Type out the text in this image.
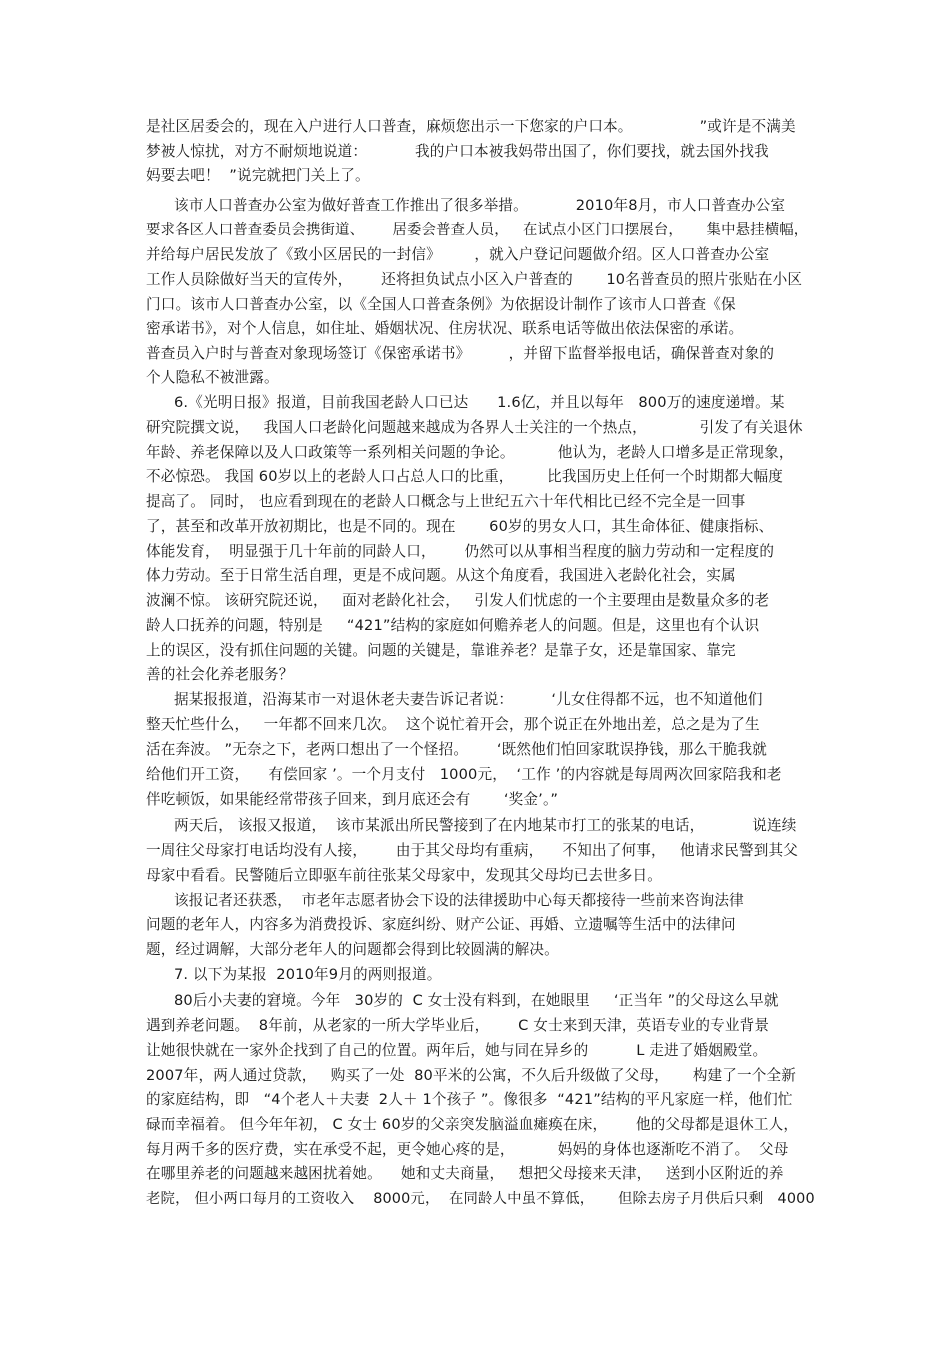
是社区居委会的，现在入户进行人口普查，麻烦您出示一下您家的户口本。              ”或许是不满美
梦被人惊扰，对方不耐烦地说道：          我的户口本被我妈带出国了，你们要找，就去国外找我
妈要去吧！  ”说完就把门关上了。
该市人口普查办公室为做好普查工作推出了很多举措。          2010年8月，市人口普查办公室
要求各区人口普查委员会携街道、      居委会普查人员，   在试点小区门口摆展台，     集中悬挂横幅，
并给每户居民发放了《致小区居民的一封信》       ，就入户登记问题做介绍。区人口普查办公室
工作人员除做好当天的宣传外，      还将担负试点小区入户普查的       10名普查员的照片张贴在小区
门口。该市人口普查办公室，以《全国人口普查条例》为依据设计制作了该市人口普查《保
密承诺书》，对个人信息，如住址、婚姻状况、住房状况、联系电话等做出依法保密的承诺。
普查员入户时与普查对象现场签订《保密承诺书》        ，并留下监督举报电话，确保普查对象的
个人隐私不被泄露。
6.《光明日报》报道，目前我国老龄人口已达      1.6亿，并且以每年   800万的速度递增。某
研究院撰文说，   我国人口老龄化问题越来越成为各界人士关注的一个热点，           引发了有关退休
年龄、养老保障以及人口政策等一系列相关问题的争论。         他认为，老龄人口增多是正常现象，
不必惊恐。 我国 60岁以上的老龄人口占总人口的比重，       比我国历史上任何一个时期都大幅度
提高了。 同时， 也应看到现在的老龄人口概念与上世纪五六十年代相比已经不完全是一回事
了，甚至和改革开放初期比，也是不同的。现在       60岁的男女人口，其生命体征、健康指标、
体能发育，  明显强于几十年前的同龄人口，      仍然可以从事相当程度的脑力劳动和一定程度的
体力劳动。至于日常生活自理，更是不成问题。从这个角度看，我国进入老龄化社会，实属
波澜不惊。 该研究院还说，   面对老龄化社会，   引发人们忧虑的一个主要理由是数量众多的老
龄人口抚养的问题，特别是     “421”结构的家庭如何赡养老人的问题。但是，这里也有个认识
上的误区，没有抓住问题的关键。问题的关键是，靠谁养老？是靠子女，还是靠国家、靠完
善的社会化养老服务？
据某报报道，沿海某市一对退休老夫妻告诉记者说：        ‘儿女住得都不远，也不知道他们
整天忙些什么，   一年都不回来几次。  这个说忙着开会，那个说正在外地出差，总之是为了生
活在奔波。 ”无奈之下，老两口想出了一个怪招。      ‘既然他们怕回家耽误挣钱，那么干脆我就
给他们开工资，    有偿回家 ’。一个月支付   1000元，  ‘工作 ’的内容就是每周两次回家陪我和老
伴吃顿饭，如果能经常带孩子回来，到月底还会有       ‘奖金’。”
两天后， 该报又报道，  该市某派出所民警接到了在内地某市打工的张某的电话，          说连续
一周往父母家打电话均没有人接，      由于其父母均有重病，    不知出了何事，   他请求民警到其父
母家中看看。民警随后立即驱车前往张某父母家中，发现其父母均已去世多日。
该报记者还获悉，  市老年志愿者协会下设的法律援助中心每天都接待一些前来咨询法律
问题的老年人，内容多为消费投诉、家庭纠纷、财产公证、再婚、立遗嘱等生活中的法律问
题，经过调解，大部分老年人的问题都会得到比较圆满的解决。
7. 以下为某报  2010年9月的两则报道。
80后小夫妻的窘境。今年   30岁的  C 女士没有料到，在她眼里     ‘正当年 ”的父母这么早就
遇到养老问题。  8年前，从老家的一所大学毕业后，      C 女士来到天津，英语专业的专业背景
让她很快就在一家外企找到了自己的位置。两年后，她与同在异乡的          L 走进了婚姻殿堂。
2007年，两人通过贷款，   购买了一处  80平米的公寓，不久后升级做了父母，     构建了一个全新
的家庭结构，即   “4个老人＋夫妻  2人＋ 1个孩子 ”。像很多  “421”结构的平凡家庭一样，他们忙
碌而幸福着。 但今年年初， C 女士 60岁的父亲突发脑溢血瘫痪在床，      他的父母都是退休工人，
每月两千多的医疗费，实在承受不起，更令她心疼的是，         妈妈的身体也逐渐吃不消了。  父母
在哪里养老的问题越来越困扰着她。    她和丈夫商量，   想把父母接来天津，   送到小区附近的养
老院， 但小两口每月的工资收入    8000元，  在同龄人中虽不算低，     但除去房子月供后只剩   4000
